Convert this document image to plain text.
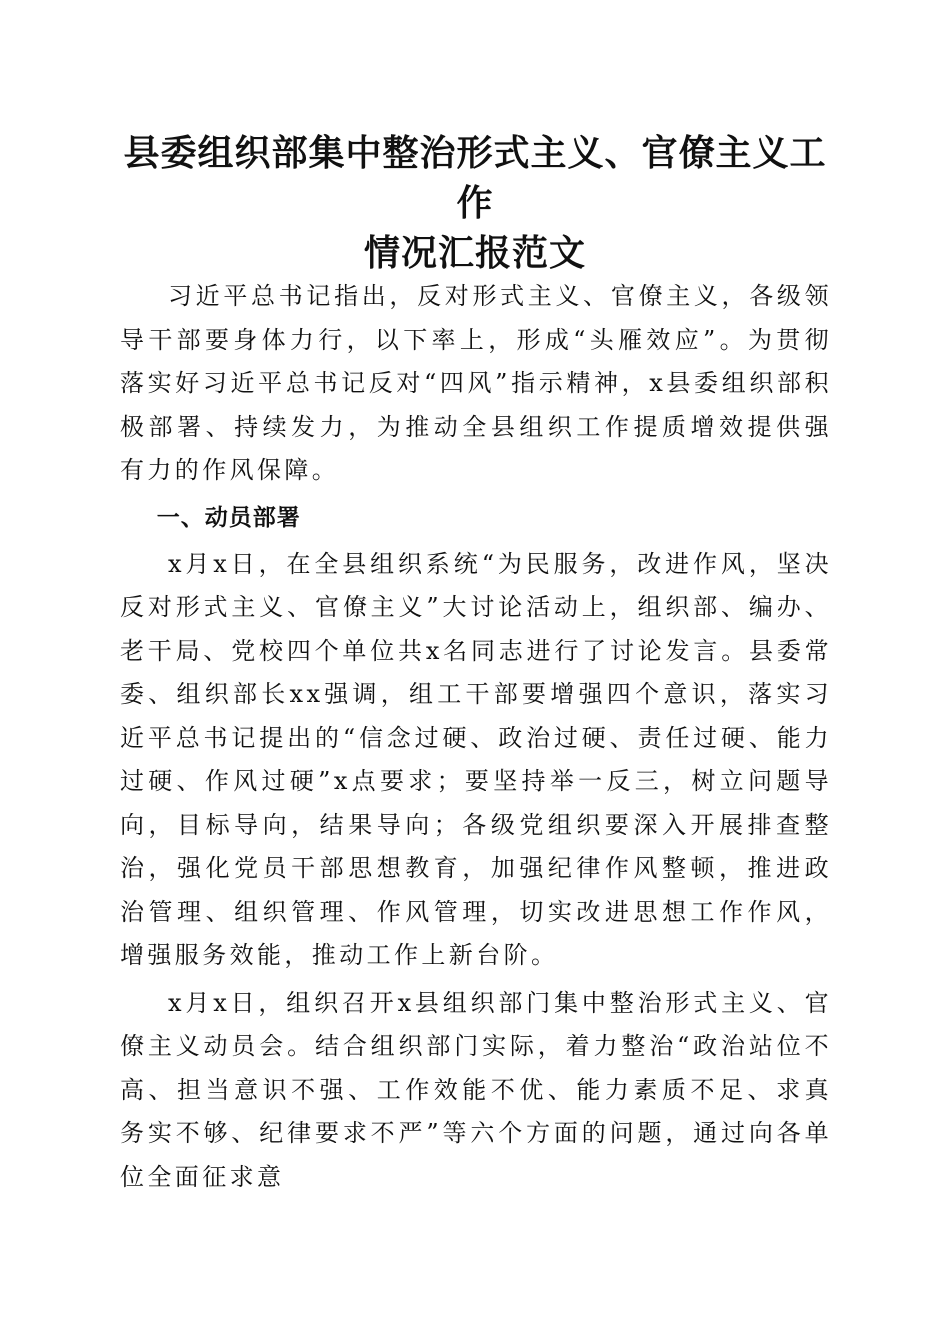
县委组织部集中整治形式主义、官僚主义工作
情况汇报范文

习近平总书记指出，反对形式主义、官僚主义，各级领导干部要身体力行，以下率上，形成“头雁效应”。为贯彻落实好习近平总书记反对“四风”指示精神，x县委组织部积极部署、持续发力，为推动全县组织工作提质增效提供强有力的作风保障。

一、动员部署

x月x日，在全县组织系统“为民服务，改进作风，坚决反对形式主义、官僚主义”大讨论活动上，组织部、编办、老干局、党校四个单位共x名同志进行了讨论发言。县委常委、组织部长xx强调，组工干部要增强四个意识，落实习近平总书记提出的“信念过硬、政治过硬、责任过硬、能力过硬、作风过硬”x点要求；要坚持举一反三，树立问题导向，目标导向，结果导向；各级党组织要深入开展排查整治，强化党员干部思想教育，加强纪律作风整顿，推进政治管理、组织管理、作风管理，切实改进思想工作作风，增强服务效能，推动工作上新台阶。

x月x日，组织召开x县组织部门集中整治形式主义、官僚主义动员会。结合组织部门实际，着力整治“政治站位不高、担当意识不强、工作效能不优、能力素质不足、求真务实不够、纪律要求不严”等六个方面的问题，通过向各单位全面征求意
